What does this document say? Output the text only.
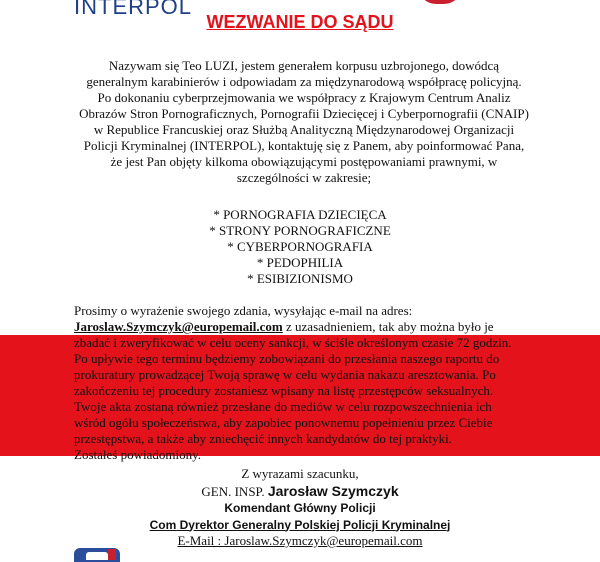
INTERPOL
WEZWANIE DO SĄDU
Nazywam się Teo LUZI, jestem generałem korpusu uzbrojonego, dowódcą
generalnym karabinierów i odpowiadam za międzynarodową współpracę policyjną.
Po dokonaniu cyberprzejmowania we współpracy z Krajowym Centrum Analiz
Obrazów Stron Pornograficznych, Pornografii Dziecięcej i Cyberpornografii (CNAIP)
w Republice Francuskiej oraz Służbą Analityczną Międzynarodowej Organizacji
Policji Kryminalnej (INTERPOL), kontaktuję się z Panem, aby poinformować Pana,
że jest Pan objęty kilkoma obowiązującymi postępowaniami prawnymi, w
szczególności w zakresie;
* PORNOGRAFIA DZIECIĘCA
* STRONY PORNOGRAFICZNE
* CYBERPORNOGRAFIA
* PEDOPHILIA
* ESIBIZIONISMO

Prosimy o wyrażenie swojego zdania, wysyłając e-mail na adres:

Jaroslaw.Szymczyk@europemail.com z uzasadnieniem, tak aby można było je

zbadać i zweryfikować w celu oceny sankcji, w ściśle określonym czasie 72 godzin.

Po upływie tego terminu będziemy zobowiązani do przesłania naszego raportu do

prokuratury prowadzącej Twoją sprawę w celu wydania nakazu aresztowania. Po

zakończeniu tej procedury zostaniesz wpisany na listę przestępców seksualnych.

Twoje akta zostaną również przesłane do mediów w celu rozpowszechnienia ich

wśród ogółu społeczeństwa, aby zapobiec ponownemu popełnieniu przez Ciebie

przestępstwa, a także aby zniechęcić innych kandydatów do tej praktyki.

Zostałeś powiadomiony.

Z wyrazami szacunku,
GEN. INSP. Jarosław Szymczyk
Komendant Główny Policji
Com Dyrektor Generalny Polskiej Policji Kryminalnej
E-Mail : Jaroslaw.Szymczyk@europemail.com
